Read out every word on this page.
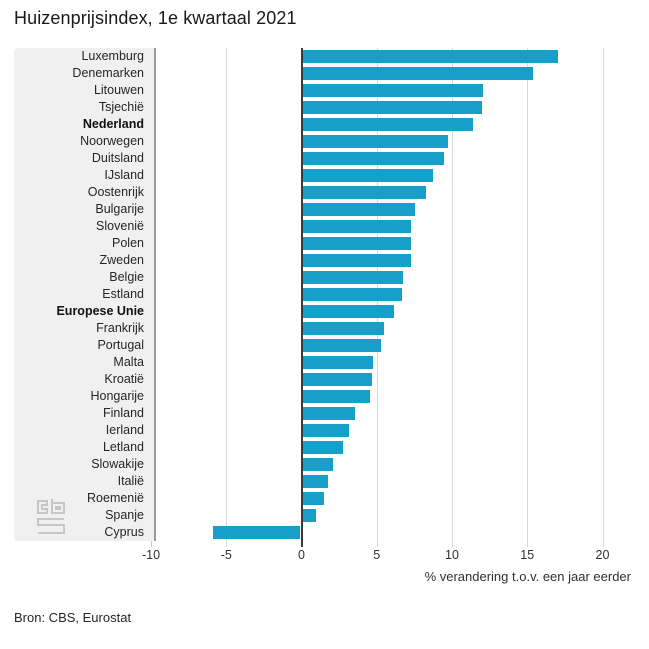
Huizenprijsindex, 1e kwartaal 2021
Luxemburg
Denemarken
Litouwen
Tsjechië
Nederland
Noorwegen
Duitsland
IJsland
Oostenrijk
Bulgarije
Slovenië
Polen
Zweden
Belgie
Estland
Europese Unie
Frankrijk
Portugal
Malta
Kroatië
Hongarije
Finland
Ierland
Letland
Slowakije
Italië
Roemenië
Spanje
Cyprus
-10	-5	0	5	10	15	20
% verandering t.o.v. een jaar eerder
Bron: CBS, Eurostat
